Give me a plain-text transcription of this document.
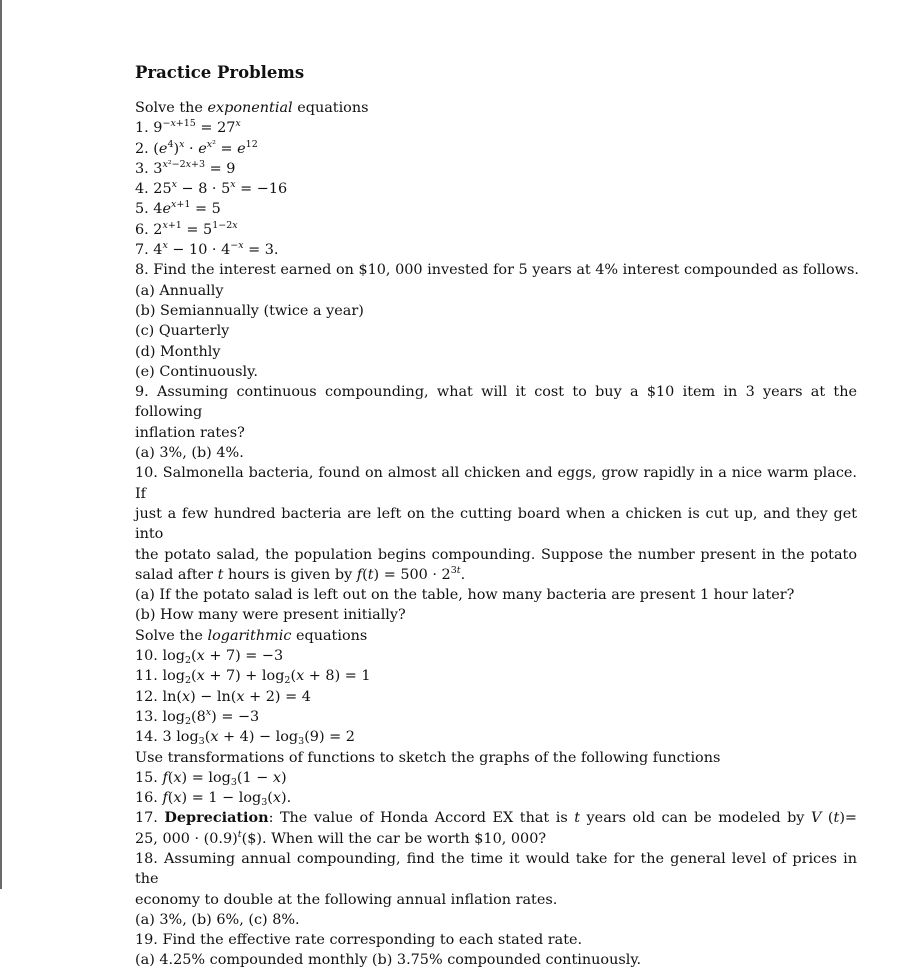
Practice Problems
Solve the exponential equations
1. $9^{-x+15} = 27^x$
2. $(e^4)^x \cdot e^{x^2} = e^{12}$
3. $3^{x^2-2x+3} = 9$
4. $25^x - 8 \cdot 5^x = -16$
5. $4e^{x+1} = 5$
6. $2^{x+1} = 5^{1-2x}$
7. $4^x - 10 \cdot 4^{-x} = 3$.
8. Find the interest earned on $10, 000 invested for 5 years at 4% interest compounded as follows.
(a) Annually
(b) Semiannually (twice a year)
(c) Quarterly
(d) Monthly
(e) Continuously.
9. Assuming continuous compounding, what will it cost to buy a $10 item in 3 years at the following
inflation rates?
(a) 3%, (b) 4%.
10. Salmonella bacteria, found on almost all chicken and eggs, grow rapidly in a nice warm place. If
just a few hundred bacteria are left on the cutting board when a chicken is cut up, and they get into
the potato salad, the population begins compounding. Suppose the number present in the potato
salad after t hours is given by $f(t) = 500 \cdot 2^{3t}$.
(a) If the potato salad is left out on the table, how many bacteria are present 1 hour later?
(b) How many were present initially?
Solve the logarithmic equations
10. $\log_2(x + 7) = -3$
11. $\log_2(x + 7) + \log_2(x + 8) = 1$
12. ln(x) − ln(x + 2) = 4
13. $\log_2(8^x) = -3$
14. 3 $\log_3(x + 4) - \log_3(9) = 2$
Use transformations of functions to sketch the graphs of the following functions
15. $f(x) = \log_3(1 - x)$
16. $f(x) = 1 - \log_3(x)$.
17. Depreciation: The value of Honda Accord EX that is t years old can be modeled by V (t)=
25, $000 \cdot (0.9)^t(\$)$. When will the car be worth $10, 000?
18. Assuming annual compounding, find the time it would take for the general level of prices in the
economy to double at the following annual inflation rates.
(a) 3%, (b) 6%, (c) 8%.
19. Find the effective rate corresponding to each stated rate.
(a) 4.25% compounded monthly (b) 3.75% compounded continuously.
